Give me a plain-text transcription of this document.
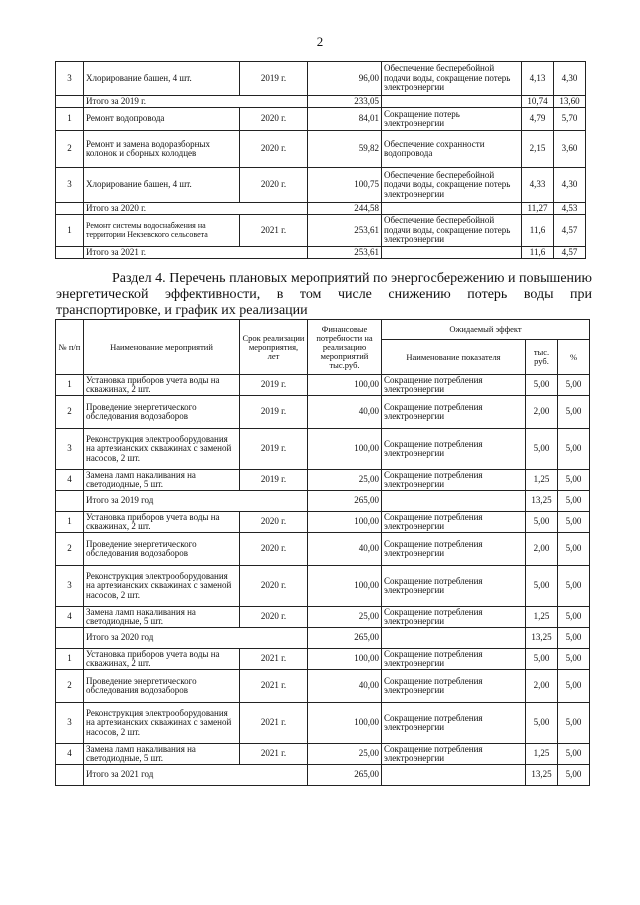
2
3	Хлорирование башен, 4 шт.	2019 г.	96,00	Обеспечение бесперебойной подачи воды, сокращение потерь электроэнергии	4,13	4,30
	Итого за 2019 г.		233,05		10,74	13,60
1	Ремонт водопровода	2020 г.	84,01	Сокращение потерь электроэнергии	4,79	5,70
2	Ремонт и замена водоразборных колонок и сборных колодцев	2020 г.	59,82	Обеспечение сохранности водопровода	2,15	3,60
3	Хлорирование башен, 4 шт.	2020 г.	100,75	Обеспечение бесперебойной подачи воды, сокращение потерь электроэнергии	4,33	4,30
	Итого за 2020 г.		244,58		11,27	4,53
1	Ремонт системы водоснабжения на территории Некзевского сельсовета	2021 г.	253,61	Обеспечение бесперебойной подачи воды, сокращение потерь электроэнергии	11,6	4,57
	Итого за 2021 г.		253,61		11,6	4,57
Раздел 4. Перечень плановых мероприятий по энергосбережению и повышению энергетической эффективности, в том числе снижению потерь воды при транспортировке, и график их реализации
№ п/п	Наименование мероприятий	Срок реализации мероприятия, лет	Финансовые потребности на реализацию мероприятий тыс.руб.	Ожидаемый эффект		
				Наименование показателя	тыс. руб.	%
1	Установка приборов учета воды на скважинах, 2 шт.	2019 г.	100,00	Сокращение потребления электроэнергии	5,00	5,00
2	Проведение энергетического обследования водозаборов	2019 г.	40,00	Сокращение потребления электроэнергии	2,00	5,00
3	Реконструкция электрооборудования на артезианских скважинах с заменой насосов, 2 шт.	2019 г.	100,00	Сокращение потребления электроэнергии	5,00	5,00
4	Замена ламп накаливания на светодиодные, 5 шт.	2019 г.	25,00	Сокращение потребления электроэнергии	1,25	5,00
	Итого за 2019 год		265,00		13,25	5,00
1	Установка приборов учета воды на скважинах, 2 шт.	2020 г.	100,00	Сокращение потребления электроэнергии	5,00	5,00
2	Проведение энергетического обследования водозаборов	2020 г.	40,00	Сокращение потребления электроэнергии	2,00	5,00
3	Реконструкция электрооборудования на артезианских скважинах с заменой насосов, 2 шт.	2020 г.	100,00	Сокращение потребления электроэнергии	5,00	5,00
4	Замена ламп накаливания на светодиодные, 5 шт.	2020 г.	25,00	Сокращение потребления электроэнергии	1,25	5,00
	Итого за 2020 год		265,00		13,25	5,00
1	Установка приборов учета воды на скважинах, 2 шт.	2021 г.	100,00	Сокращение потребления электроэнергии	5,00	5,00
2	Проведение энергетического обследования водозаборов	2021 г.	40,00	Сокращение потребления электроэнергии	2,00	5,00
3	Реконструкция электрооборудования на артезианских скважинах с заменой насосов, 2 шт.	2021 г.	100,00	Сокращение потребления электроэнергии	5,00	5,00
4	Замена ламп накаливания на светодиодные, 5 шт.	2021 г.	25,00	Сокращение потребления электроэнергии	1,25	5,00
	Итого за 2021 год		265,00		13,25	5,00
